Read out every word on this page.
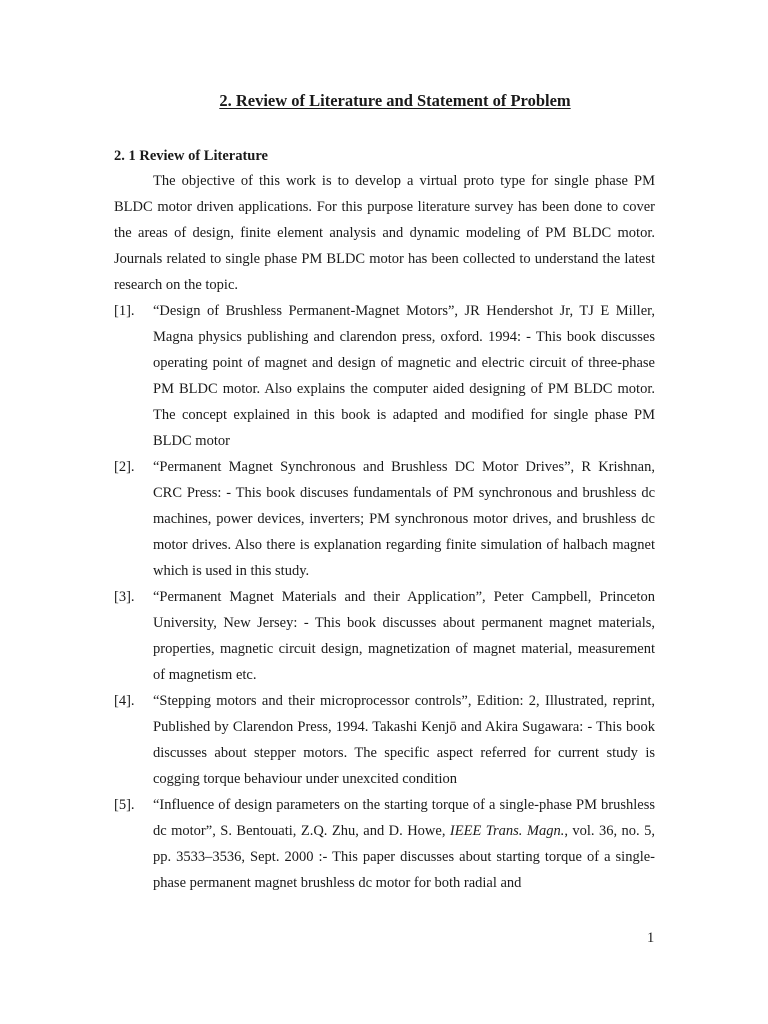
2. Review of Literature and Statement of Problem
2. 1 Review of Literature

The objective of this work is to develop a virtual proto type for single phase PM BLDC motor driven applications. For this purpose literature survey has been done to cover the areas of design, finite element analysis and dynamic modeling of PM BLDC motor. Journals related to single phase PM BLDC motor has been collected to understand the latest research on the topic.

[1]. “Design of Brushless Permanent-Magnet Motors”, JR Hendershot Jr, TJ E Miller, Magna physics publishing and clarendon press, oxford. 1994: - This book discusses operating point of magnet and design of magnetic and electric circuit of three-phase PM BLDC motor. Also explains the computer aided designing of PM BLDC motor. The concept explained in this book is adapted and modified for single phase PM BLDC motor
[2]. “Permanent Magnet Synchronous and Brushless DC Motor Drives”, R Krishnan, CRC Press: - This book discuses fundamentals of PM synchronous and brushless dc machines, power devices, inverters; PM synchronous motor drives, and brushless dc motor drives. Also there is explanation regarding finite simulation of halbach magnet which is used in this study.
[3]. “Permanent Magnet Materials and their Application”, Peter Campbell, Princeton University, New Jersey: - This book discusses about permanent magnet materials, properties, magnetic circuit design, magnetization of magnet material, measurement of magnetism etc.
[4]. “Stepping motors and their microprocessor controls”, Edition: 2, Illustrated, reprint, Published by Clarendon Press, 1994. Takashi Kenjō and Akira Sugawara: - This book discusses about stepper motors. The specific aspect referred for current study is cogging torque behaviour under unexcited condition
[5]. “Influence of design parameters on the starting torque of a single-phase PM brushless dc motor”, S. Bentouati, Z.Q. Zhu, and D. Howe, IEEE Trans. Magn., vol. 36, no. 5, pp. 3533–3536, Sept. 2000 :- This paper discusses about starting torque of a single-phase permanent magnet brushless dc motor for both radial and
1
